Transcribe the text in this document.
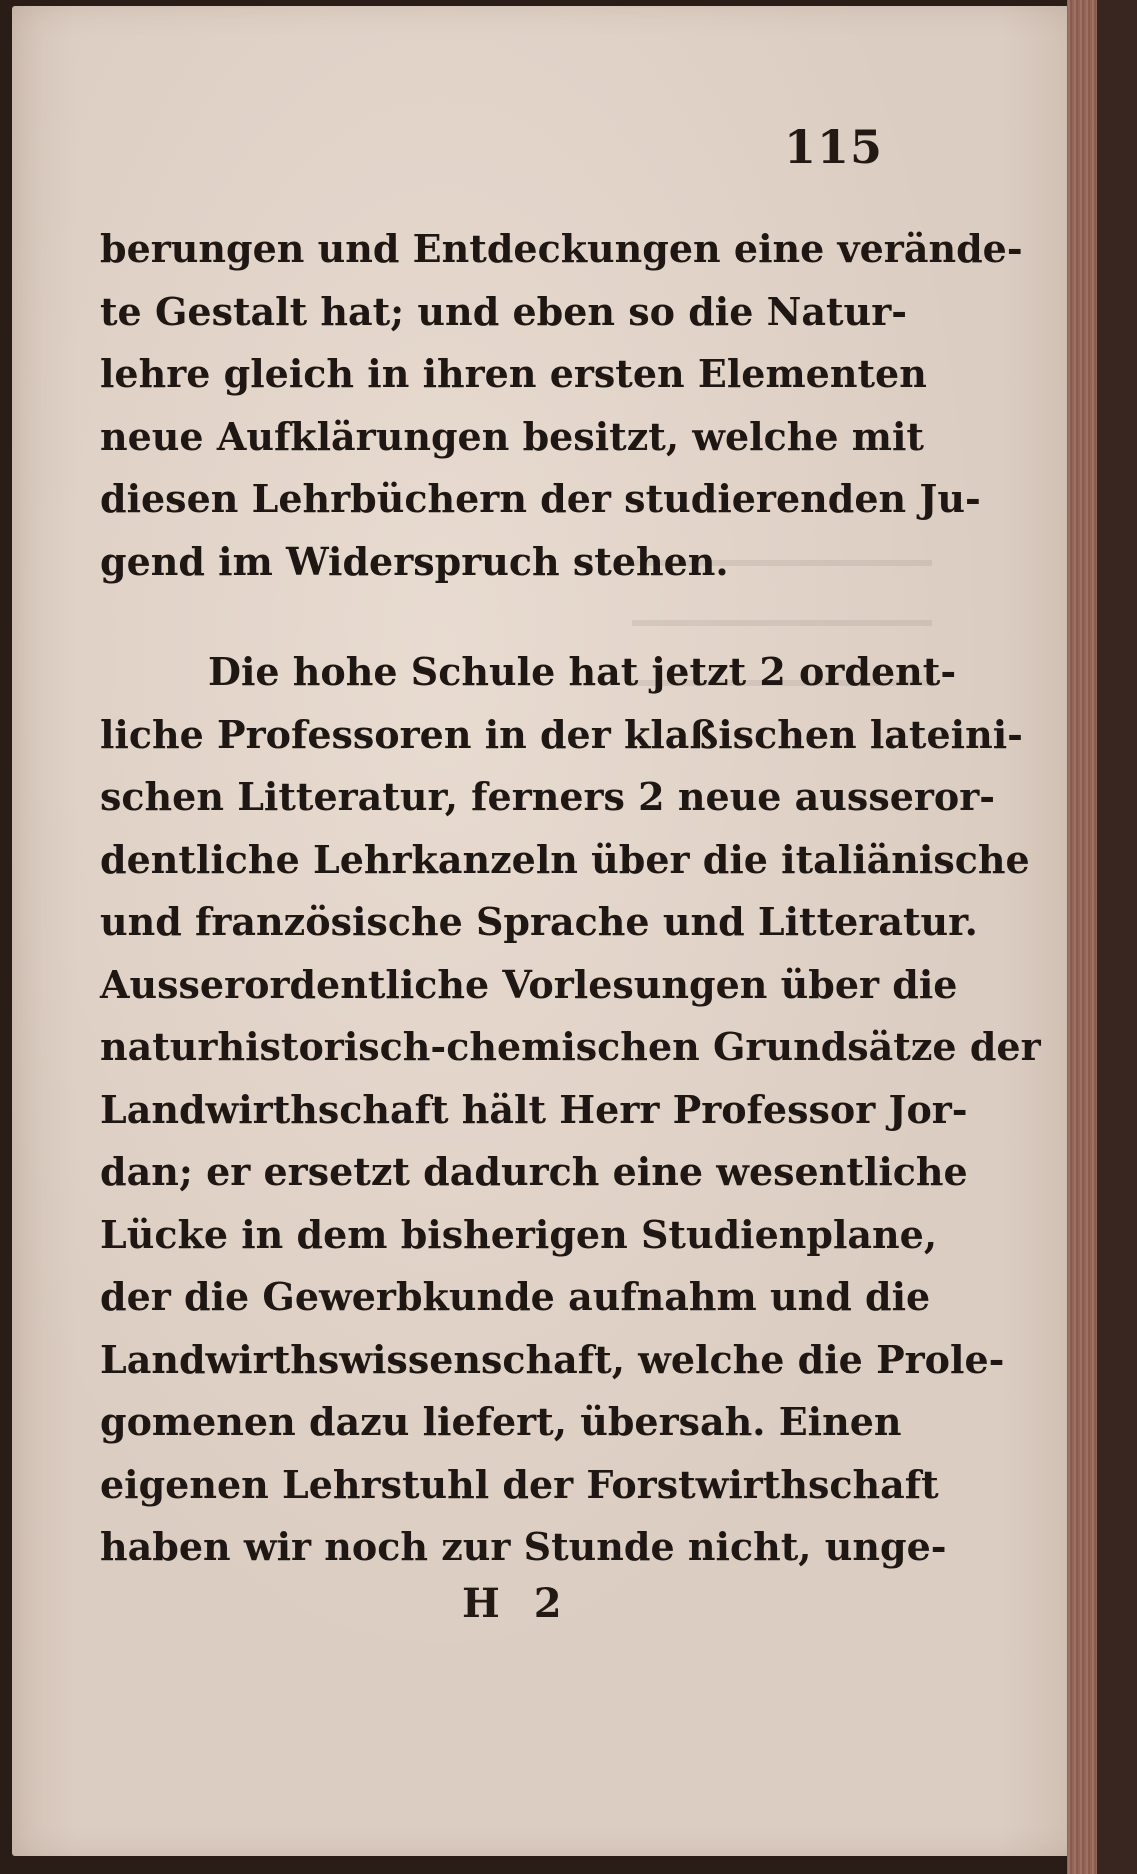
115
berungen und Entdeckungen eine verände-
te Gestalt hat; und eben so die Natur-
lehre gleich in ihren ersten Elementen
neue Aufklärungen besitzt, welche mit
diesen Lehrbüchern der studierenden Ju-
gend im Widerspruch stehen.
Die hohe Schule hat jetzt 2 ordent-
liche Professoren in der klaßischen lateini-
schen Litteratur, ferners 2 neue ausseror-
dentliche Lehrkanzeln über die italiänische
und französische Sprache und Litteratur.
Ausserordentliche Vorlesungen über die
naturhistorisch-chemischen Grundsätze der
Landwirthschaft hält Herr Professor Jor-
dan; er ersetzt dadurch eine wesentliche
Lücke in dem bisherigen Studienplane,
der die Gewerbkunde aufnahm und die
Landwirthswissenschaft, welche die Prole-
gomenen dazu liefert, übersah. Einen
eigenen Lehrstuhl der Forstwirthschaft
haben wir noch zur Stunde nicht, unge-
H 2
